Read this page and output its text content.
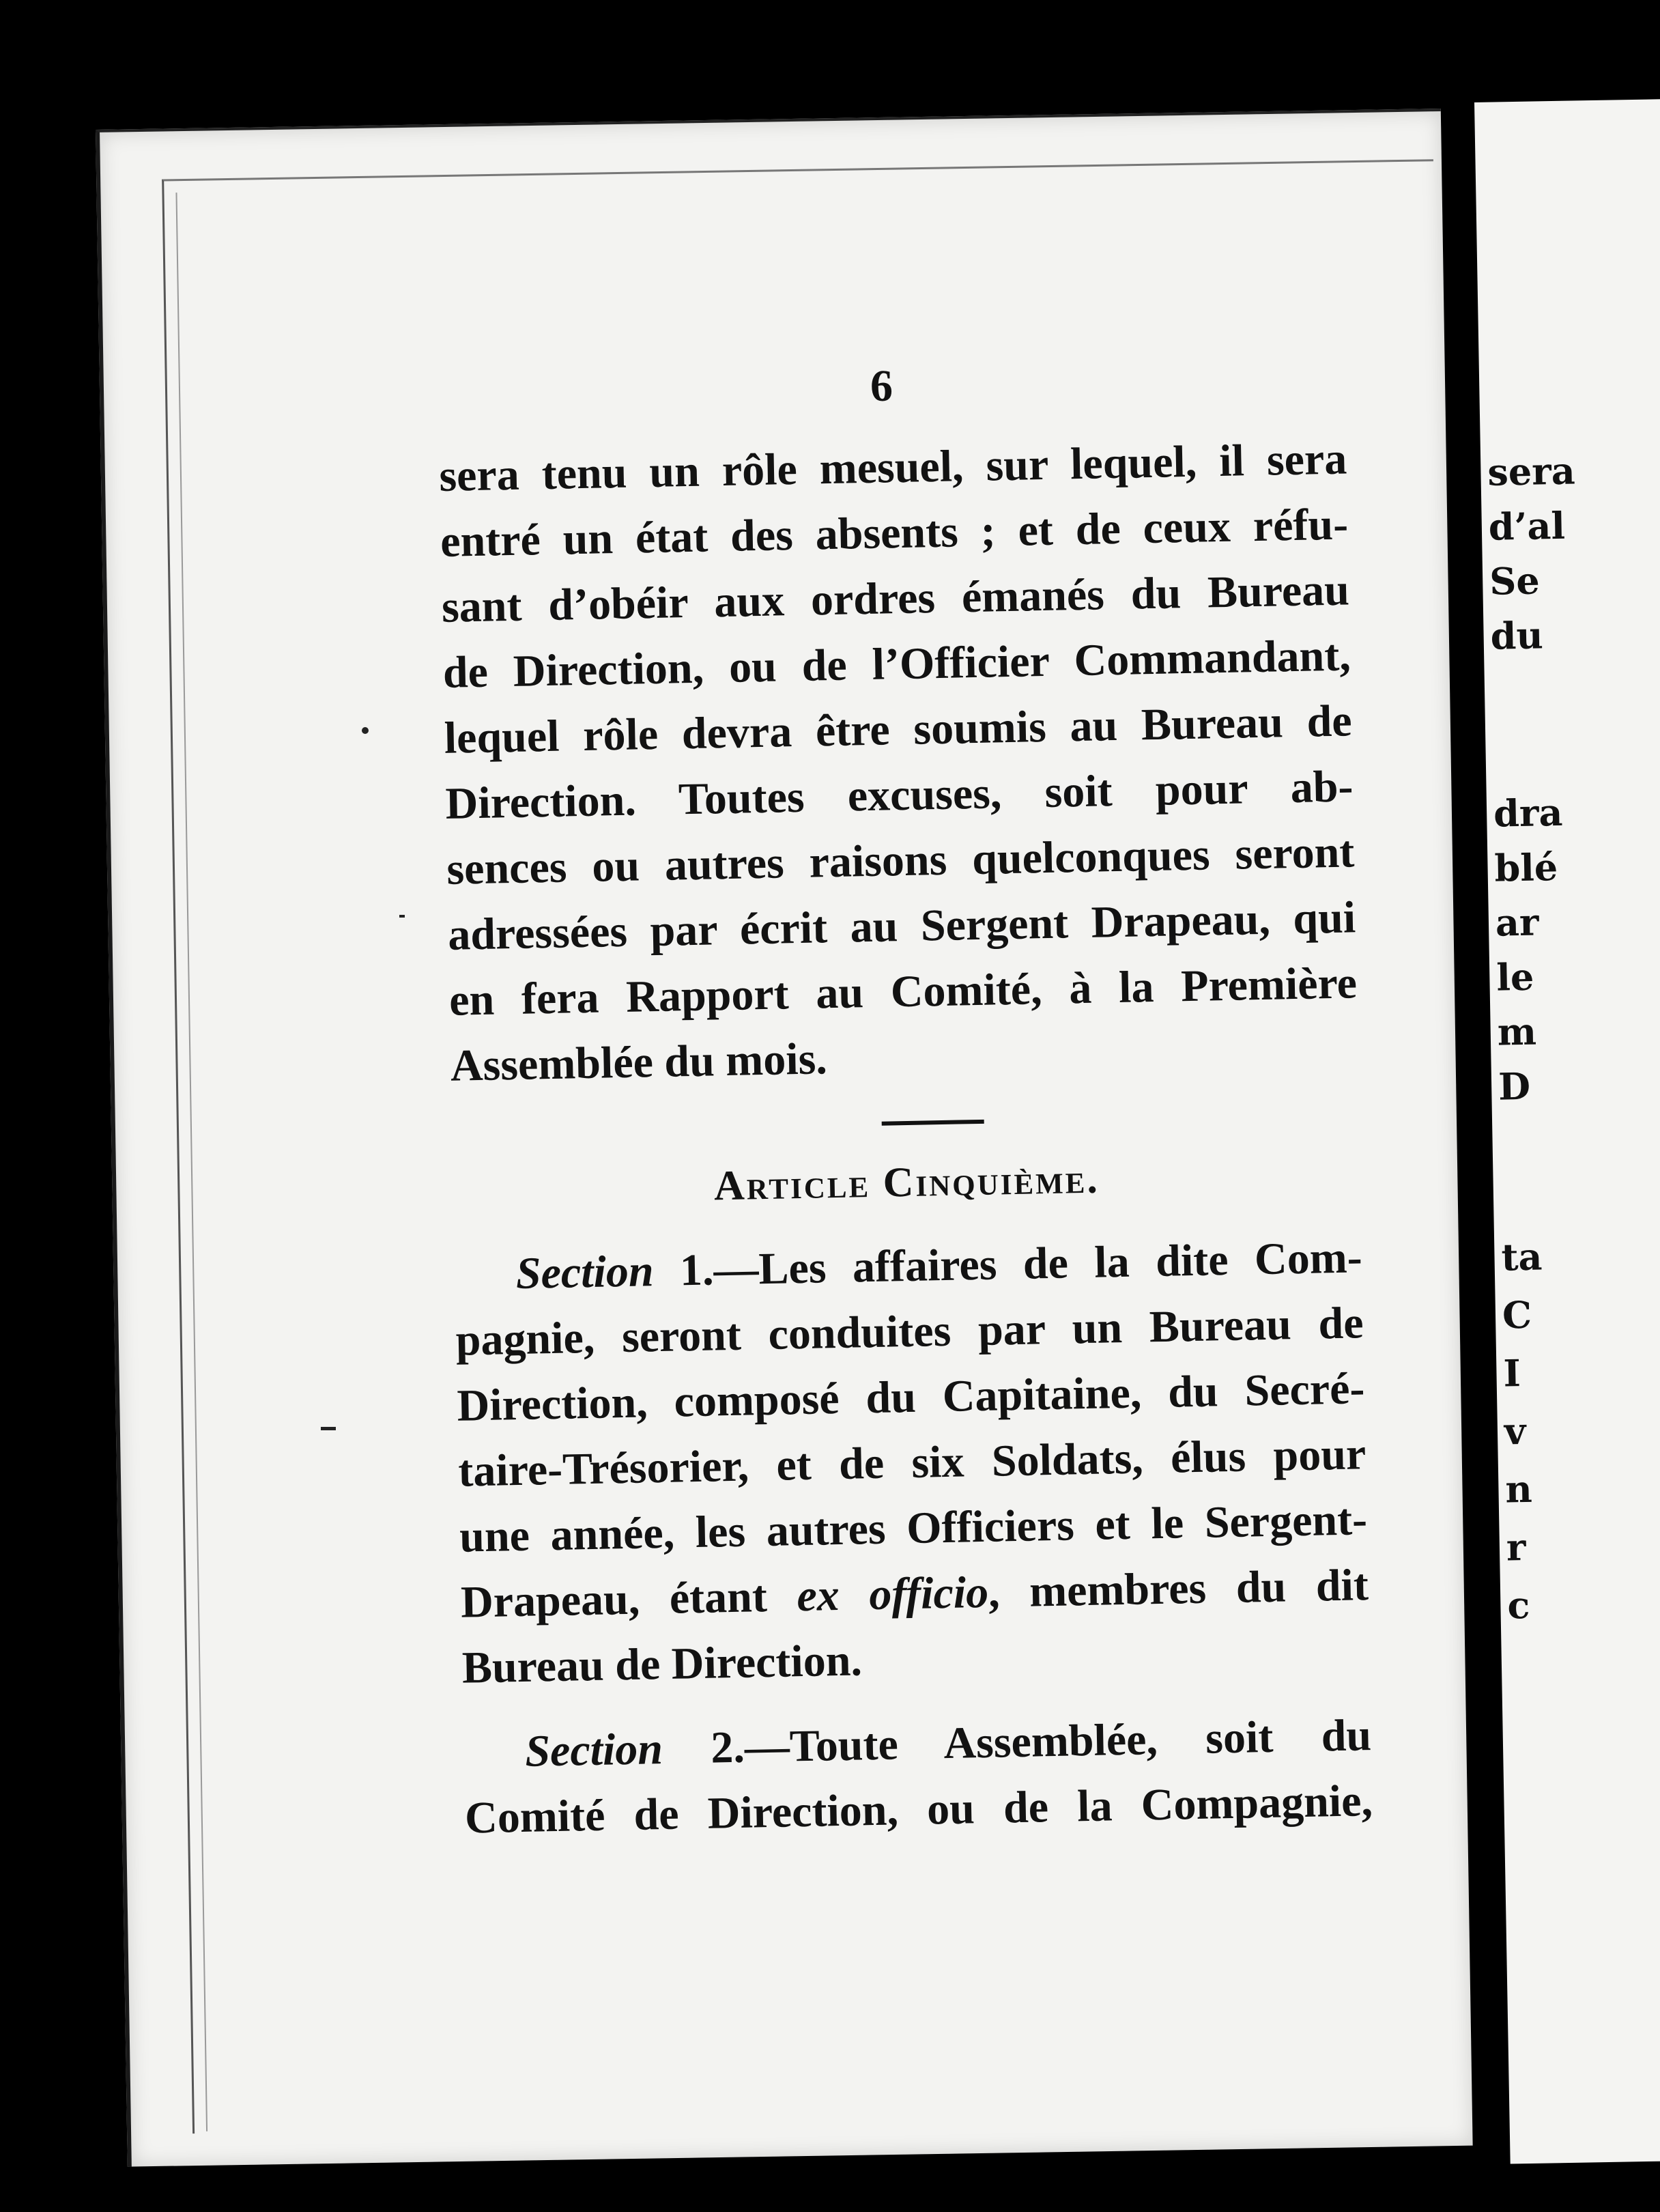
sera
d’al
Se
du
dra
blé
ar
le
m
D
ta
C
I
v
n
r
c
6
sera tenu un rôle mesuel, sur lequel, il sera
entré un état des absents ; et de ceux réfu-
sant d’obéir aux ordres émanés du Bureau
de Direction, ou de l’Officier Commandant,
lequel rôle devra être soumis au Bureau de
Direction. Toutes excuses, soit pour ab-
sences ou autres raisons quelconques seront
adressées par écrit au Sergent Drapeau, qui
en fera Rapport au Comité, à la Première
Assemblée du mois.
Article Cinquième.
Section 1.—Les affaires de la dite Com-
pagnie, seront conduites par un Bureau de
Direction, composé du Capitaine, du Secré-
taire-Trésorier, et de six Soldats, élus pour
une année, les autres Officiers et le Sergent-
Drapeau, étant ex officio, membres du dit
Bureau de Direction.
Section 2.—Toute Assemblée, soit du
Comité de Direction, ou de la Compagnie,
